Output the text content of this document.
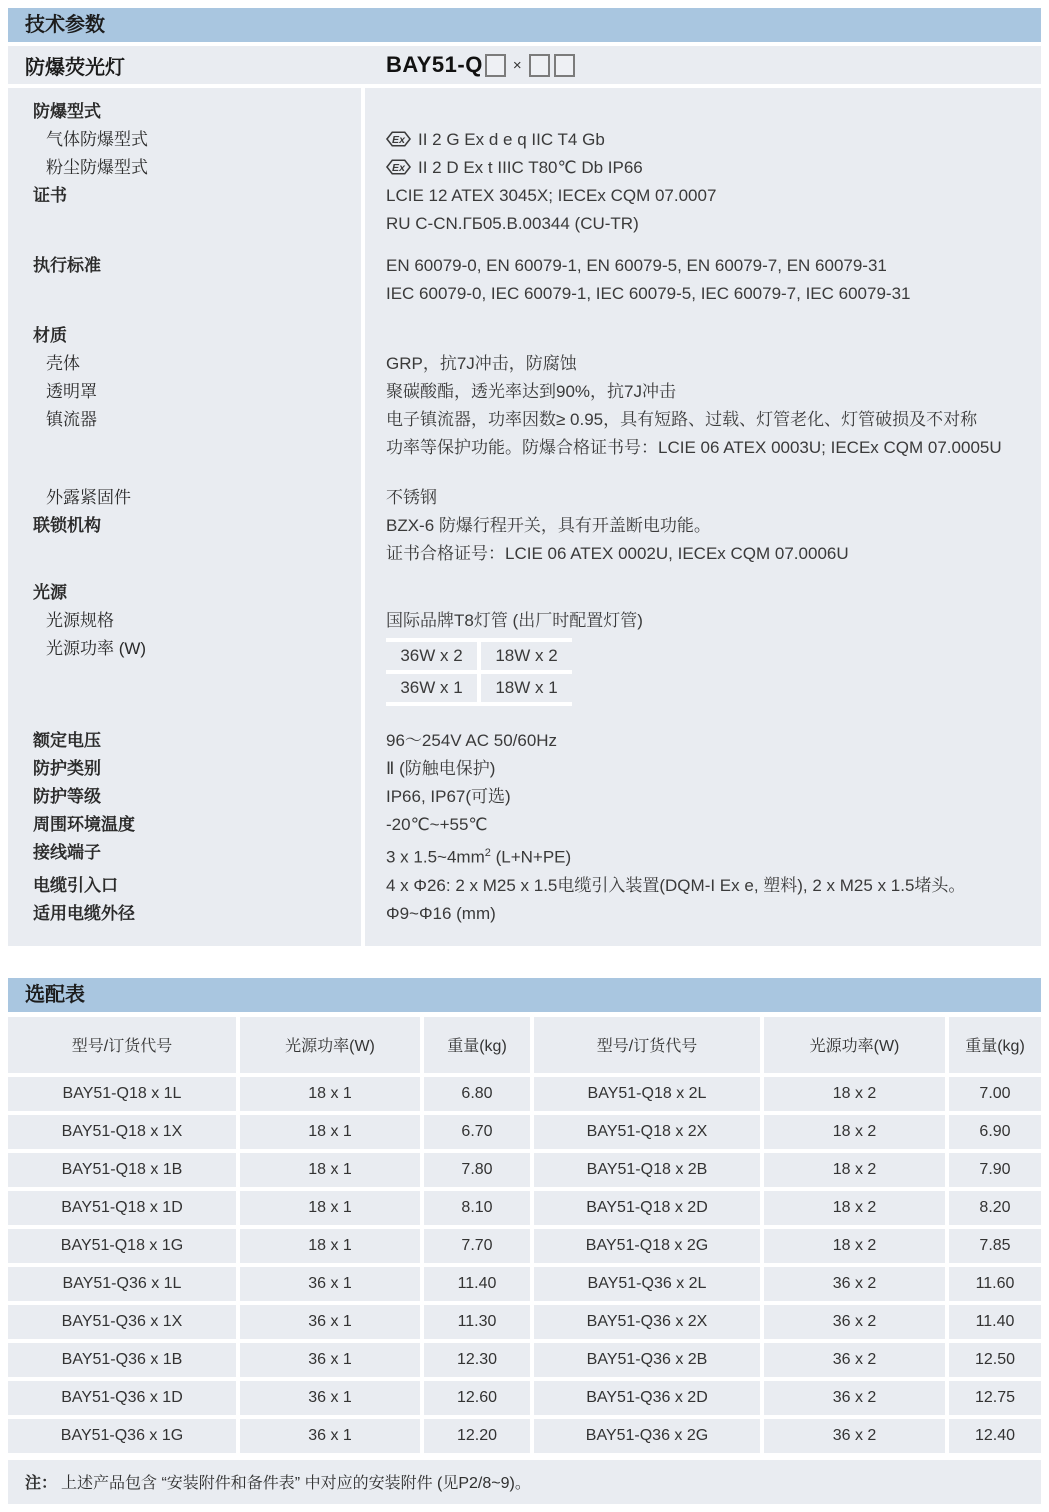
技术参数
防爆荧光灯	BAY51-Q ×
防爆型式
气体防爆型式	Ex II 2 G Ex d e q IIC T4 Gb
粉尘防爆型式	Ex II 2 D Ex t IIIC T80℃ Db IP66
证书	LCIE 12 ATEX 3045X; IECEx CQM 07.0007
RU C-CN.ГБ05.B.00344 (CU-TR)
执行标准	EN 60079-0, EN 60079-1, EN 60079-5, EN 60079-7, EN 60079-31
IEC 60079-0, IEC 60079-1, IEC 60079-5, IEC 60079-7, IEC 60079-31
材质
壳体	GRP，抗7J冲击，防腐蚀
透明罩	聚碳酸酯，透光率达到90%，抗7J冲击
镇流器	电子镇流器，功率因数≥ 0.95，具有短路、过载、灯管老化、灯管破损及不对称
功率等保护功能。防爆合格证书号：LCIE 06 ATEX 0003U; IECEx CQM 07.0005U
外露紧固件	不锈钢
联锁机构	BZX-6 防爆行程开关，具有开盖断电功能。
证书合格证号：LCIE 06 ATEX 0002U, IECEx CQM 07.0006U
光源
光源规格	国际品牌T8灯管 (出厂时配置灯管)
光源功率 (W)	36W x 2	18W x 2
36W x 1	18W x 1
额定电压	96～254V AC 50/60Hz
防护类别	Ⅱ (防触电保护)
防护等级	IP66, IP67(可选)
周围环境温度	-20℃~+55℃
接线端子	3 x $1.5\sim 4mm^2$ (L+N+PE)
电缆引入口	4 x Φ26: 2 x M25 x 1.5电缆引入装置(DQM-I Ex e, 塑料), 2 x M25 x 1.5堵头。
适用电缆外径	Φ9~Φ16 (mm)
选配表
型号/订货代号	光源功率(W)	重量(kg)	型号/订货代号	光源功率(W)	重量(kg)
BAY51-Q18 x 1L	18 x 1	6.80	BAY51-Q18 x 2L	18 x 2	7.00
BAY51-Q18 x 1X	18 x 1	6.70	BAY51-Q18 x 2X	18 x 2	6.90
BAY51-Q18 x 1B	18 x 1	7.80	BAY51-Q18 x 2B	18 x 2	7.90
BAY51-Q18 x 1D	18 x 1	8.10	BAY51-Q18 x 2D	18 x 2	8.20
BAY51-Q18 x 1G	18 x 1	7.70	BAY51-Q18 x 2G	18 x 2	7.85
BAY51-Q36 x 1L	36 x 1	11.40	BAY51-Q36 x 2L	36 x 2	11.60
BAY51-Q36 x 1X	36 x 1	11.30	BAY51-Q36 x 2X	36 x 2	11.40
BAY51-Q36 x 1B	36 x 1	12.30	BAY51-Q36 x 2B	36 x 2	12.50
BAY51-Q36 x 1D	36 x 1	12.60	BAY51-Q36 x 2D	36 x 2	12.75
BAY51-Q36 x 1G	36 x 1	12.20	BAY51-Q36 x 2G	36 x 2	12.40
注： 上述产品包含 “安装附件和备件表” 中对应的安装附件 (见P2/8~9)。
